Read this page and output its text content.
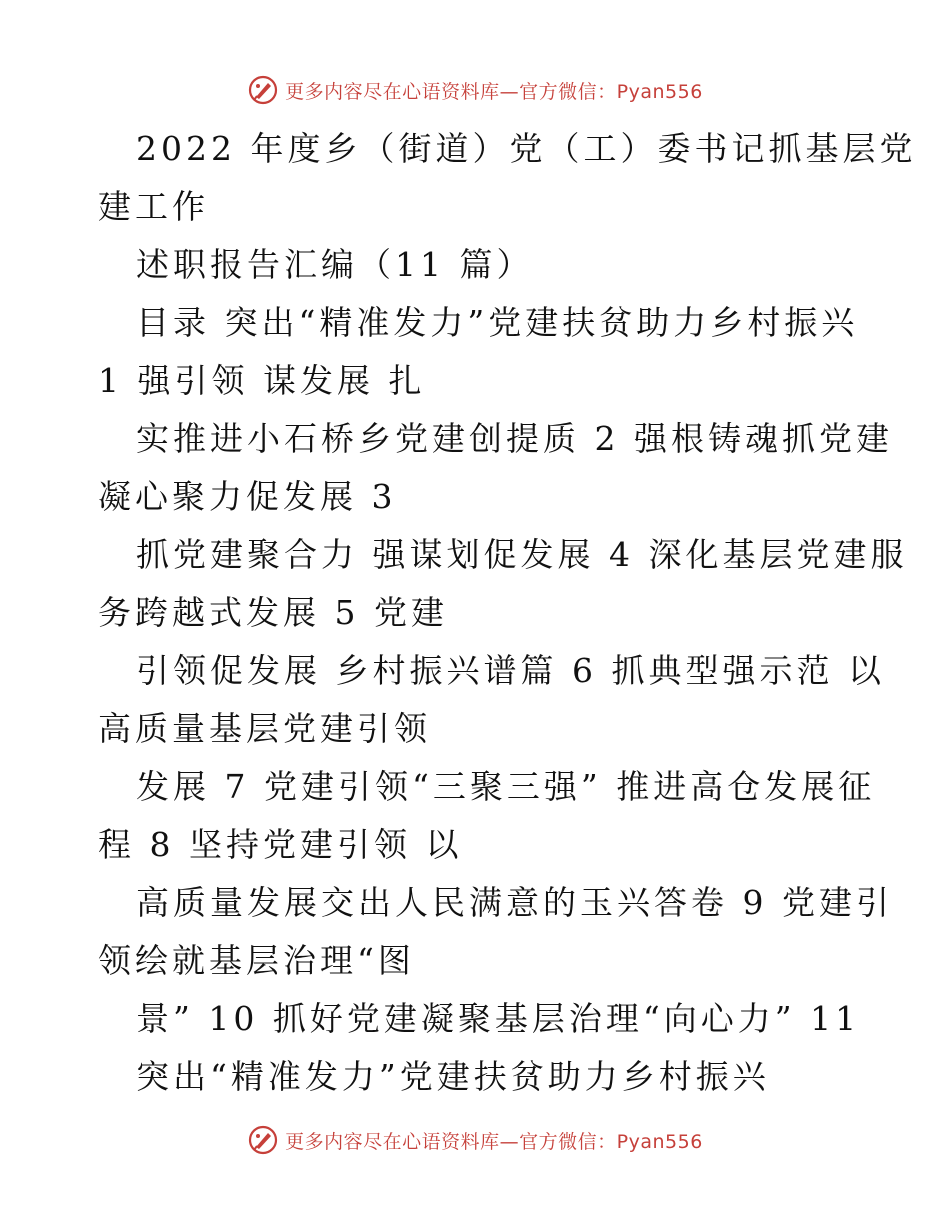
更多内容尽在心语资料库—官方微信：Pyan556
2022 年度乡（街道）党（工）委书记抓基层党
建工作
述职报告汇编（11 篇）
目录 突出“精准发力”党建扶贫助力乡村振兴
1 强引领 谋发展 扎
实推进小石桥乡党建创提质 2 强根铸魂抓党建
凝心聚力促发展 3
抓党建聚合力 强谋划促发展 4 深化基层党建服
务跨越式发展 5 党建
引领促发展 乡村振兴谱篇 6 抓典型强示范 以
高质量基层党建引领
发展 7 党建引领“三聚三强” 推进高仓发展征
程 8 坚持党建引领 以
高质量发展交出人民满意的玉兴答卷 9 党建引
领绘就基层治理“图
景” 10 抓好党建凝聚基层治理“向心力” 11
突出“精准发力”党建扶贫助力乡村振兴
更多内容尽在心语资料库—官方微信：Pyan556
